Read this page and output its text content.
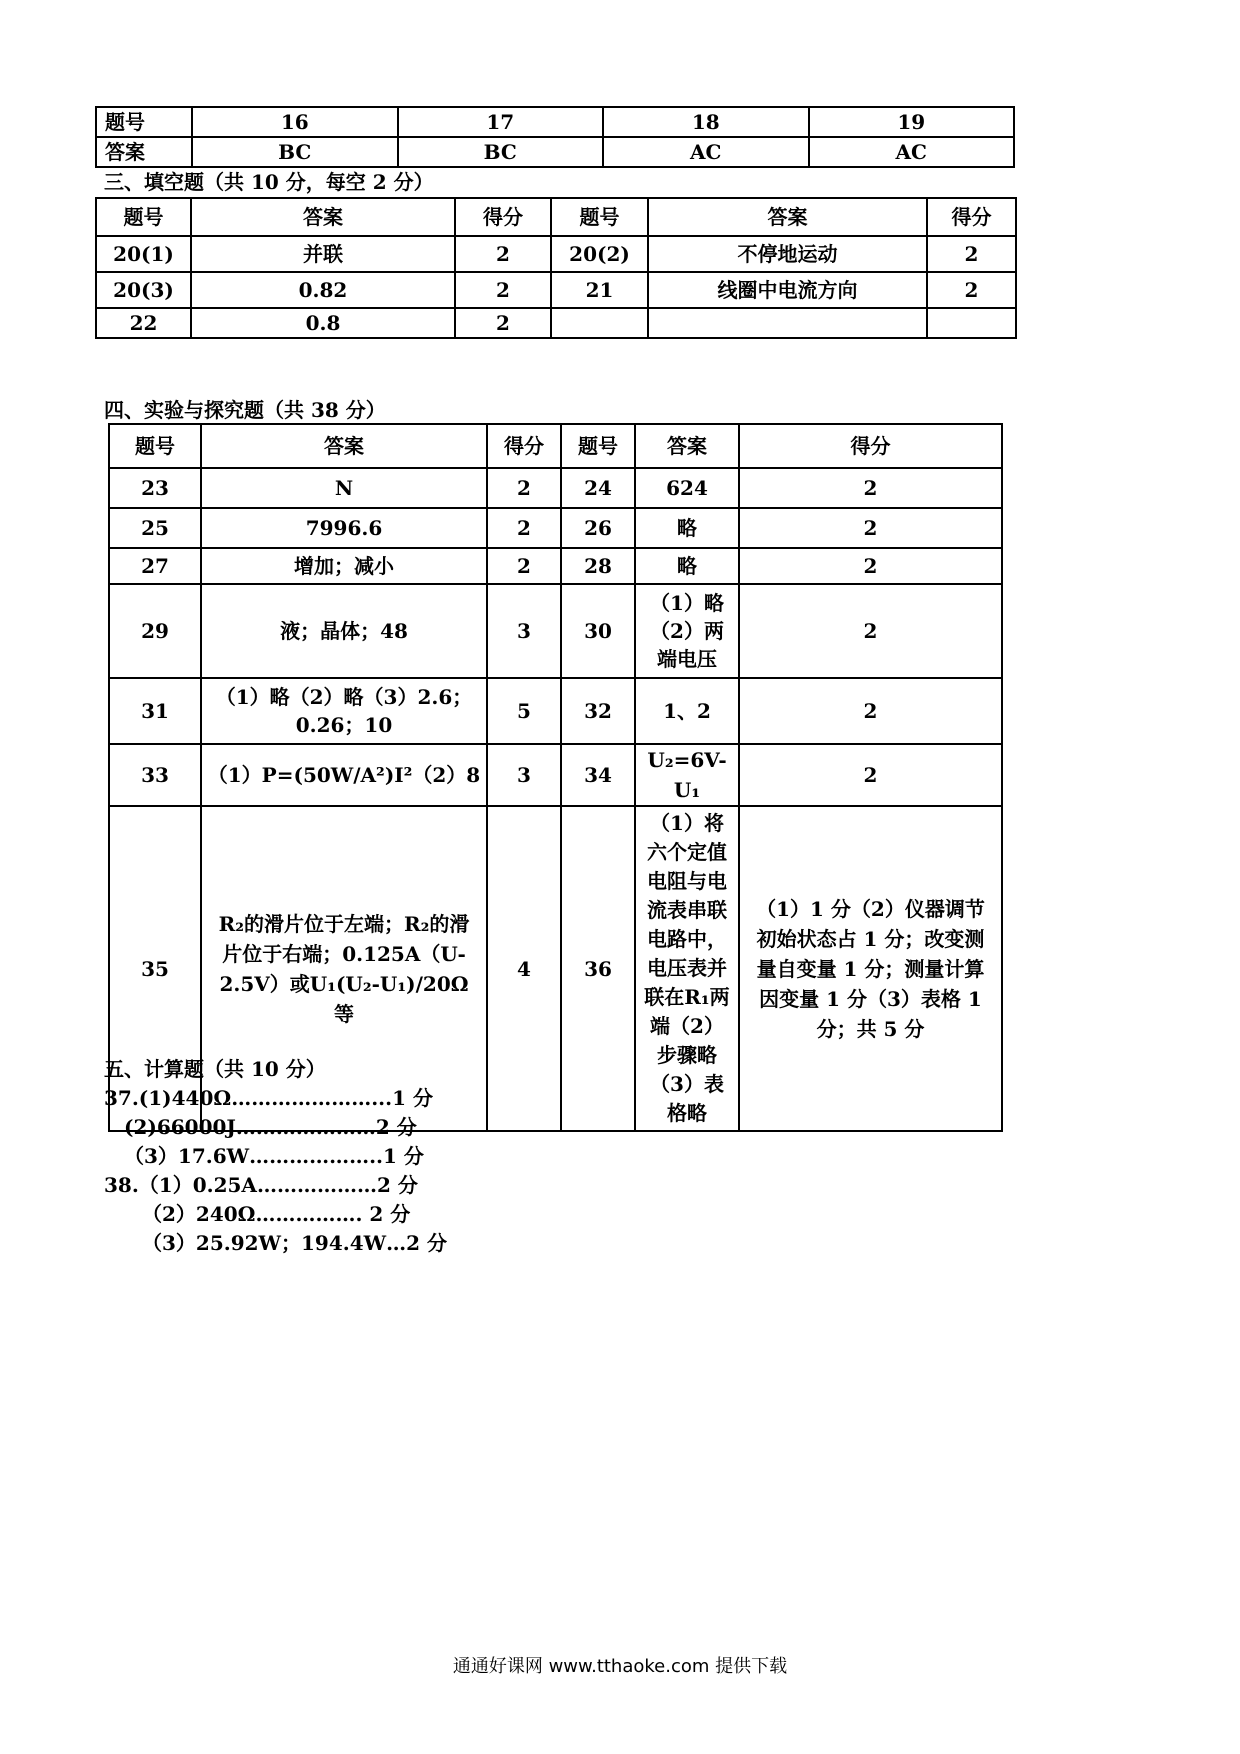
题号	16	17	18	19
答案	BC	BC	AC	AC
三、填空题（共 10 分，每空 2 分）
题号	答案	得分	题号	答案	得分
20(1)	并联	2	20(2)	不停地运动	2
20(3)	0.82	2	21	线圈中电流方向	2
22	0.8	2			
四、实验与探究题（共 38 分）
题号	答案	得分	题号	答案	得分
23	N	2	24	624	2
25	7996.6	2	26	略	2
27	增加；减小	2	28	略	2
29	液；晶体；48	3	30	（1）略（2）两端电压	2
31	（1）略（2）略（3）2.6；0.26；10	5	32	1、2	2
33	（1）P=(50W/A²)I²（2）8	3	34	U₂=6V-U₁	2
35	R₂的滑片位于左端；R₂的滑片位于右端；0.125A（U-2.5V）或U₁(U₂-U₁)/20Ω等	4	36	（1）将六个定值电阻与电流表串联电路中，电压表并联在R₁两端（2）步骤略（3）表格略	（1）1 分（2）仪器调节初始状态占 1 分；改变测量自变量 1 分；测量计算因变量 1 分（3）表格 1 分；共 5 分
五、计算题（共 10 分）
37.(1)440Ω…………………...1 分
(2)66000J…………………2 分
（3）17.6W………………..1 分
38.（1）0.25A………………2 分
（2）240Ω……………. 2 分
（3）25.92W；194.4W…2 分
通通好课网 www.tthaoke.com 提供下载
